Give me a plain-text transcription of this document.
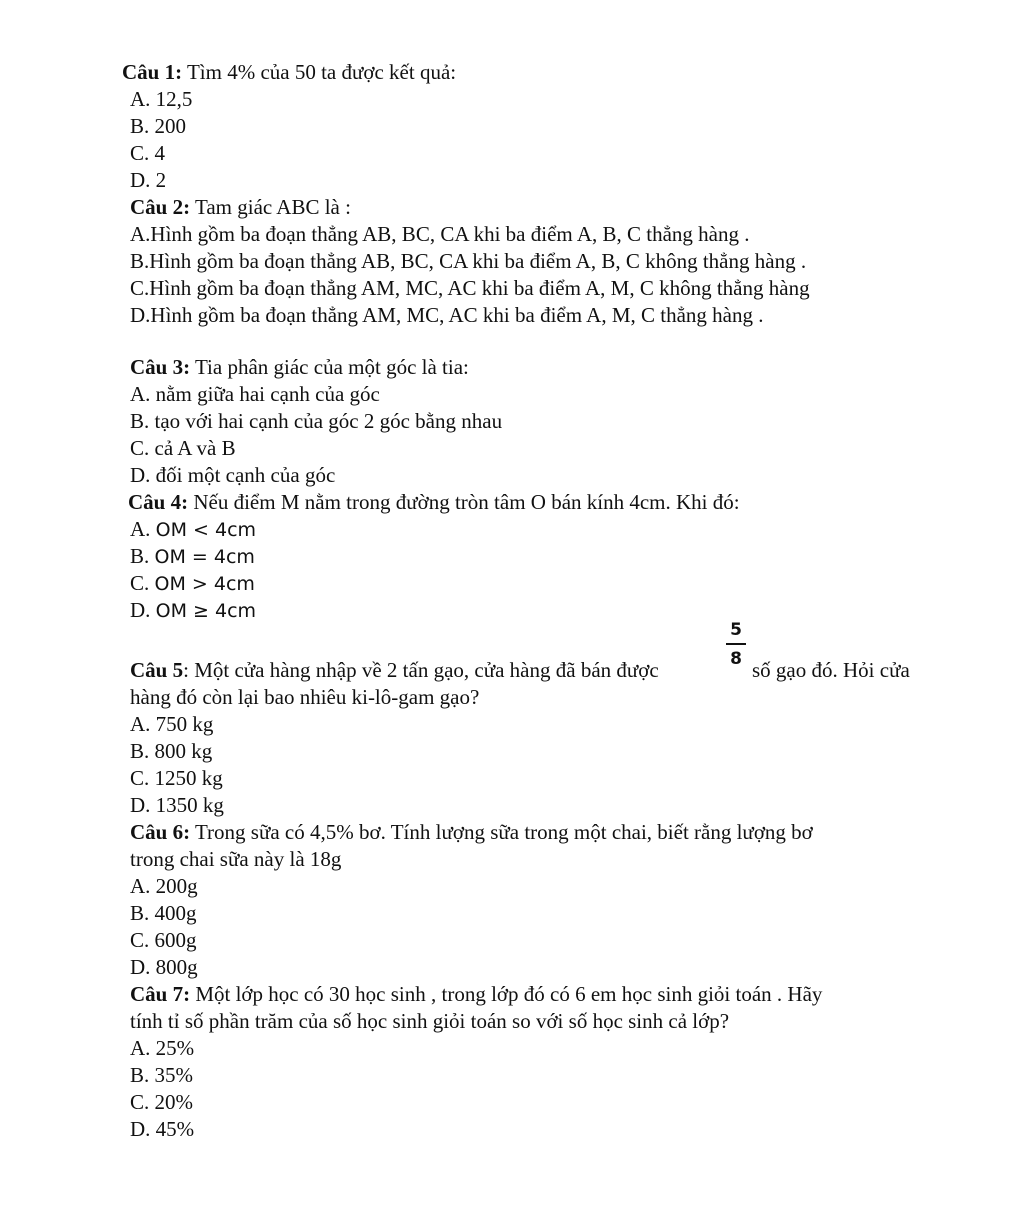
Câu 1: Tìm 4% của 50 ta được kết quả:
A. 12,5
B. 200
C. 4
D. 2
Câu 2: Tam giác ABC là :
A.Hình gồm ba đoạn thẳng AB, BC, CA khi ba điểm A, B, C thẳng hàng .
B.Hình gồm ba đoạn thẳng AB, BC, CA khi ba điểm A, B, C không thẳng hàng .
C.Hình gồm ba đoạn thẳng AM, MC, AC khi ba điểm A, M, C không thẳng hàng
D.Hình gồm ba đoạn thẳng AM, MC, AC khi ba điểm A, M, C thẳng hàng .
Câu 3: Tia phân giác của một góc là tia:
A. nằm giữa hai cạnh của góc
B. tạo với hai cạnh của góc 2 góc bằng nhau
C. cả A và B
D. đối một cạnh của góc
Câu 4: Nếu điểm M nằm trong đường tròn tâm O bán kính 4cm. Khi đó:
A. OM < 4cm
B. OM = 4cm
C. OM > 4cm
D. OM ≥ 4cm
5
8
Câu 5: Một cửa hàng nhập về 2 tấn gạo, cửa hàng đã bán được	số gạo đó. Hỏi cửa
hàng đó còn lại bao nhiêu ki-lô-gam gạo?
A. 750 kg
B. 800 kg
C. 1250 kg
D. 1350 kg
Câu 6: Trong sữa có 4,5% bơ. Tính lượng sữa trong một chai, biết rằng lượng bơ
trong chai sữa này là 18g
A. 200g
B. 400g
C. 600g
D. 800g
Câu 7: Một lớp học có 30 học sinh , trong lớp đó có 6 em học sinh giỏi toán . Hãy
tính tỉ số phần trăm của số học sinh giỏi toán so với số học sinh cả lớp?
A. 25%
B. 35%
C. 20%
D. 45%
